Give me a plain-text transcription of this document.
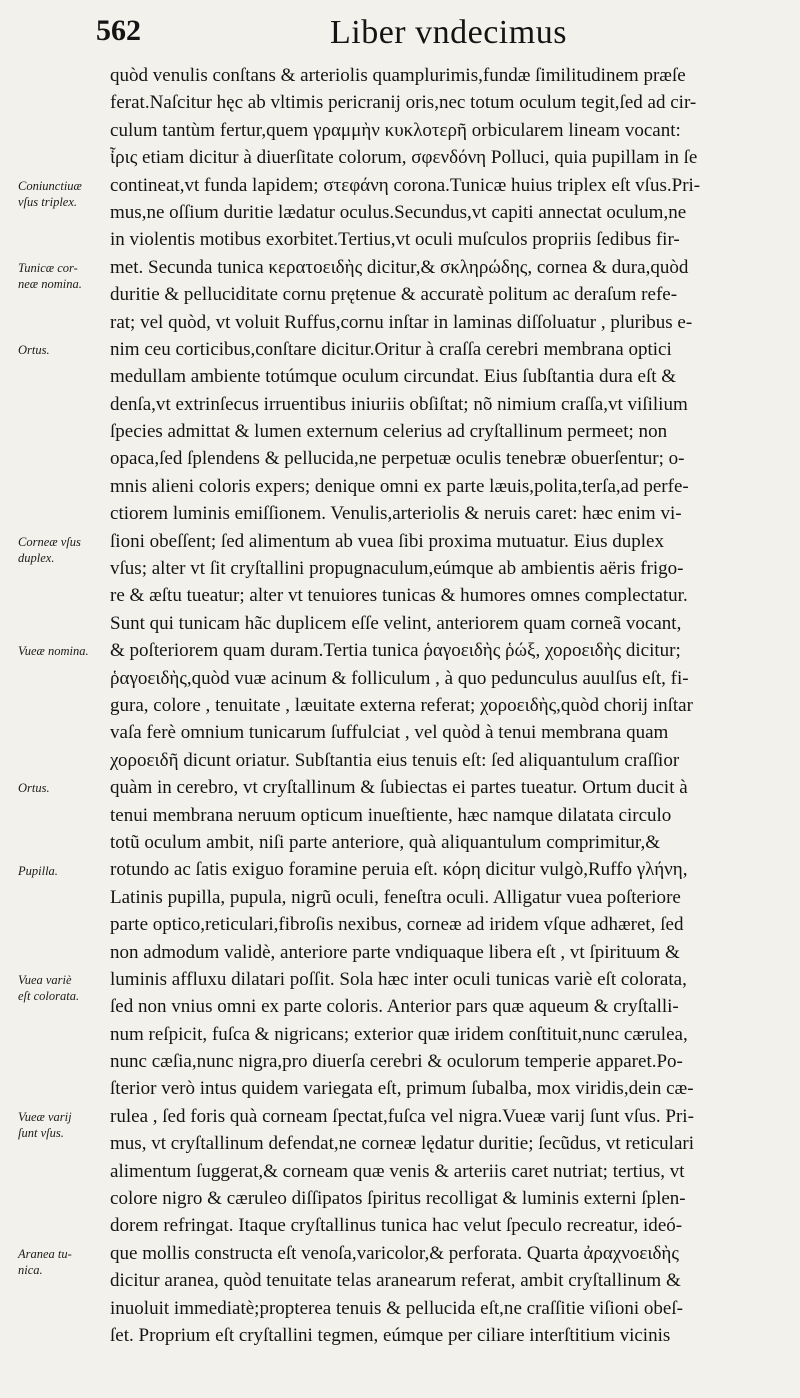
562	Liber vndecimus
Coniunctiuæ
vſus triplex.
Tunicæ cor-
neæ nomina.
Ortus.
Corneæ vſus
duplex.
Vueæ nomina.
Ortus.
Pupilla.
Vuea variè
eſt colorata.
Vueæ varij
ſunt vſus.
Aranea tu-
nica.
quòd venulis conſtans & arteriolis quamplurimis,fundæ ſimilitudinem præſe
ferat.Naſcitur hęc ab vltimis pericranij oris,nec totum oculum tegit,ſed ad cir-
culum tantùm fertur,quem γραμμὴν κυκλοτερῆ orbicularem lineam vocant:
ἶρις etiam dicitur à diuerſitate colorum, σφενδόνη Polluci, quia pupillam in ſe
contineat,vt funda lapidem; στεφάνη corona.Tunicæ huius triplex eſt vſus.Pri-
mus,ne oſſium duritie lædatur oculus.Secundus,vt capiti annectat oculum,ne
in violentis motibus exorbitet.Tertius,vt oculi muſculos propriis ſedibus fir-
met. Secunda tunica κερατοειδὴς dicitur,& σκληρώδης, cornea & dura,quòd
duritie & pelluciditate cornu prętenue & accuratè politum ac deraſum refe-
rat; vel quòd, vt voluit Ruffus,cornu inſtar in laminas diſſoluatur , pluribus e-
nim ceu corticibus,conſtare dicitur.Oritur à craſſa cerebri membrana optici
medullam ambiente totúmque oculum circundat. Eius ſubſtantia dura eſt &
denſa,vt extrinſecus irruentibus iniuriis obſiſtat; nõ nimium craſſa,vt viſilium
ſpecies admittat & lumen externum celerius ad cryſtallinum permeet; non
opaca,ſed ſplendens & pellucida,ne perpetuæ oculis tenebræ obuerſentur; o-
mnis alieni coloris expers; denique omni ex parte læuis,polita,terſa,ad perfe-
ctiorem luminis emiſſionem. Venulis,arteriolis & neruis caret: hæc enim vi-
ſioni obeſſent; ſed alimentum ab vuea ſibi proxima mutuatur. Eius duplex
vſus; alter vt ſit cryſtallini propugnaculum,eúmque ab ambientis aëris frigo-
re & æſtu tueatur; alter vt tenuiores tunicas & humores omnes complectatur.
Sunt qui tunicam hãc duplicem eſſe velint, anteriorem quam corneã vocant,
& poſteriorem quam duram.Tertia tunica ῥαγοειδὴς ῥώξ, χοροειδὴς dicitur;
ῥαγοειδὴς,quòd vuæ acinum & folliculum , à quo pedunculus auulſus eſt, fi-
gura, colore , tenuitate , læuitate externa referat; χοροειδὴς,quòd chorij inſtar
vaſa ferè omnium tunicarum ſuffulciat , vel quòd à tenui membrana quam
χοροειδῆ dicunt oriatur. Subſtantia eius tenuis eſt: ſed aliquantulum craſſior
quàm in cerebro, vt cryſtallinum & ſubiectas ei partes tueatur. Ortum ducit à
tenui membrana neruum opticum inueſtiente, hæc namque dilatata circulo
totũ oculum ambit, niſi parte anteriore, quà aliquantulum comprimitur,&
rotundo ac ſatis exiguo foramine peruia eſt. κόρη dicitur vulgò,Ruffo γλήνη,
Latinis pupilla, pupula, nigrũ oculi, feneſtra oculi. Alligatur vuea poſteriore
parte optico,reticulari,fibroſis nexibus, corneæ ad iridem vſque adhæret, ſed
non admodum validè, anteriore parte vndiquaque libera eſt , vt ſpirituum &
luminis affluxu dilatari poſſit. Sola hæc inter oculi tunicas variè eſt colorata,
ſed non vnius omni ex parte coloris. Anterior pars quæ aqueum & cryſtalli-
num reſpicit, fuſca & nigricans; exterior quæ iridem conſtituit,nunc cærulea,
nunc cæſia,nunc nigra,pro diuerſa cerebri & oculorum temperie apparet.Po-
ſterior verò intus quidem variegata eſt, primum ſubalba, mox viridis,dein cæ-
rulea , ſed foris quà corneam ſpectat,fuſca vel nigra.Vueæ varij ſunt vſus. Pri-
mus, vt cryſtallinum defendat,ne corneæ lędatur duritie; ſecũdus, vt reticulari
alimentum ſuggerat,& corneam quæ venis & arteriis caret nutriat; tertius, vt
colore nigro & cæruleo diſſipatos ſpiritus recolligat & luminis externi ſplen-
dorem refringat. Itaque cryſtallinus tunica hac velut ſpeculo recreatur, ideó-
que mollis constructa eſt venoſa,varicolor,& perforata. Quarta ἀραχνοειδὴς
dicitur aranea, quòd tenuitate telas aranearum referat, ambit cryſtallinum &
inuoluit immediatè;propterea tenuis & pellucida eſt,ne craſſitie viſioni obeſ-
ſet. Proprium eſt cryſtallini tegmen, eúmque per ciliare interſtitium vicinis
